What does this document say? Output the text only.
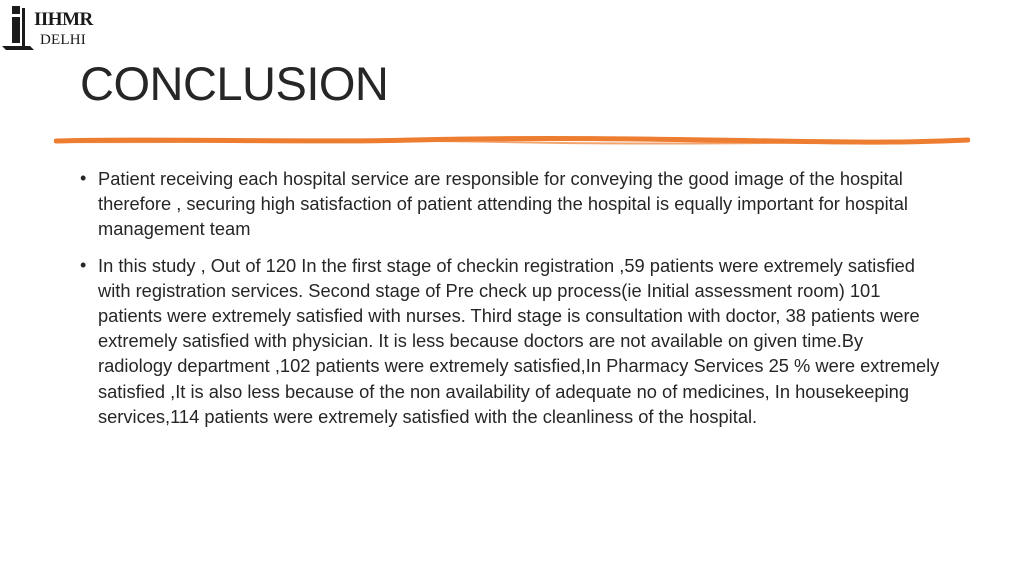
IIHMR
DELHI
CONCLUSION
• Patient receiving each hospital service are responsible for conveying the good image of the hospital therefore , securing high satisfaction of patient attending the hospital is equally important for hospital management team
• In this study , Out of 120 In the first stage of checkin registration ,59 patients were extremely satisfied with registration services. Second stage of Pre check up process(ie Initial assessment room) 101 patients were extremely satisfied with nurses. Third stage is consultation with doctor, 38 patients were extremely satisfied with physician. It is less because doctors are not available on given time.By radiology department ,102 patients were extremely satisfied,In Pharmacy Services 25 % were extremely satisfied ,It is also less because of the non availability of adequate no of medicines, In housekeeping services,114 patients were extremely satisfied with the cleanliness of the hospital.
